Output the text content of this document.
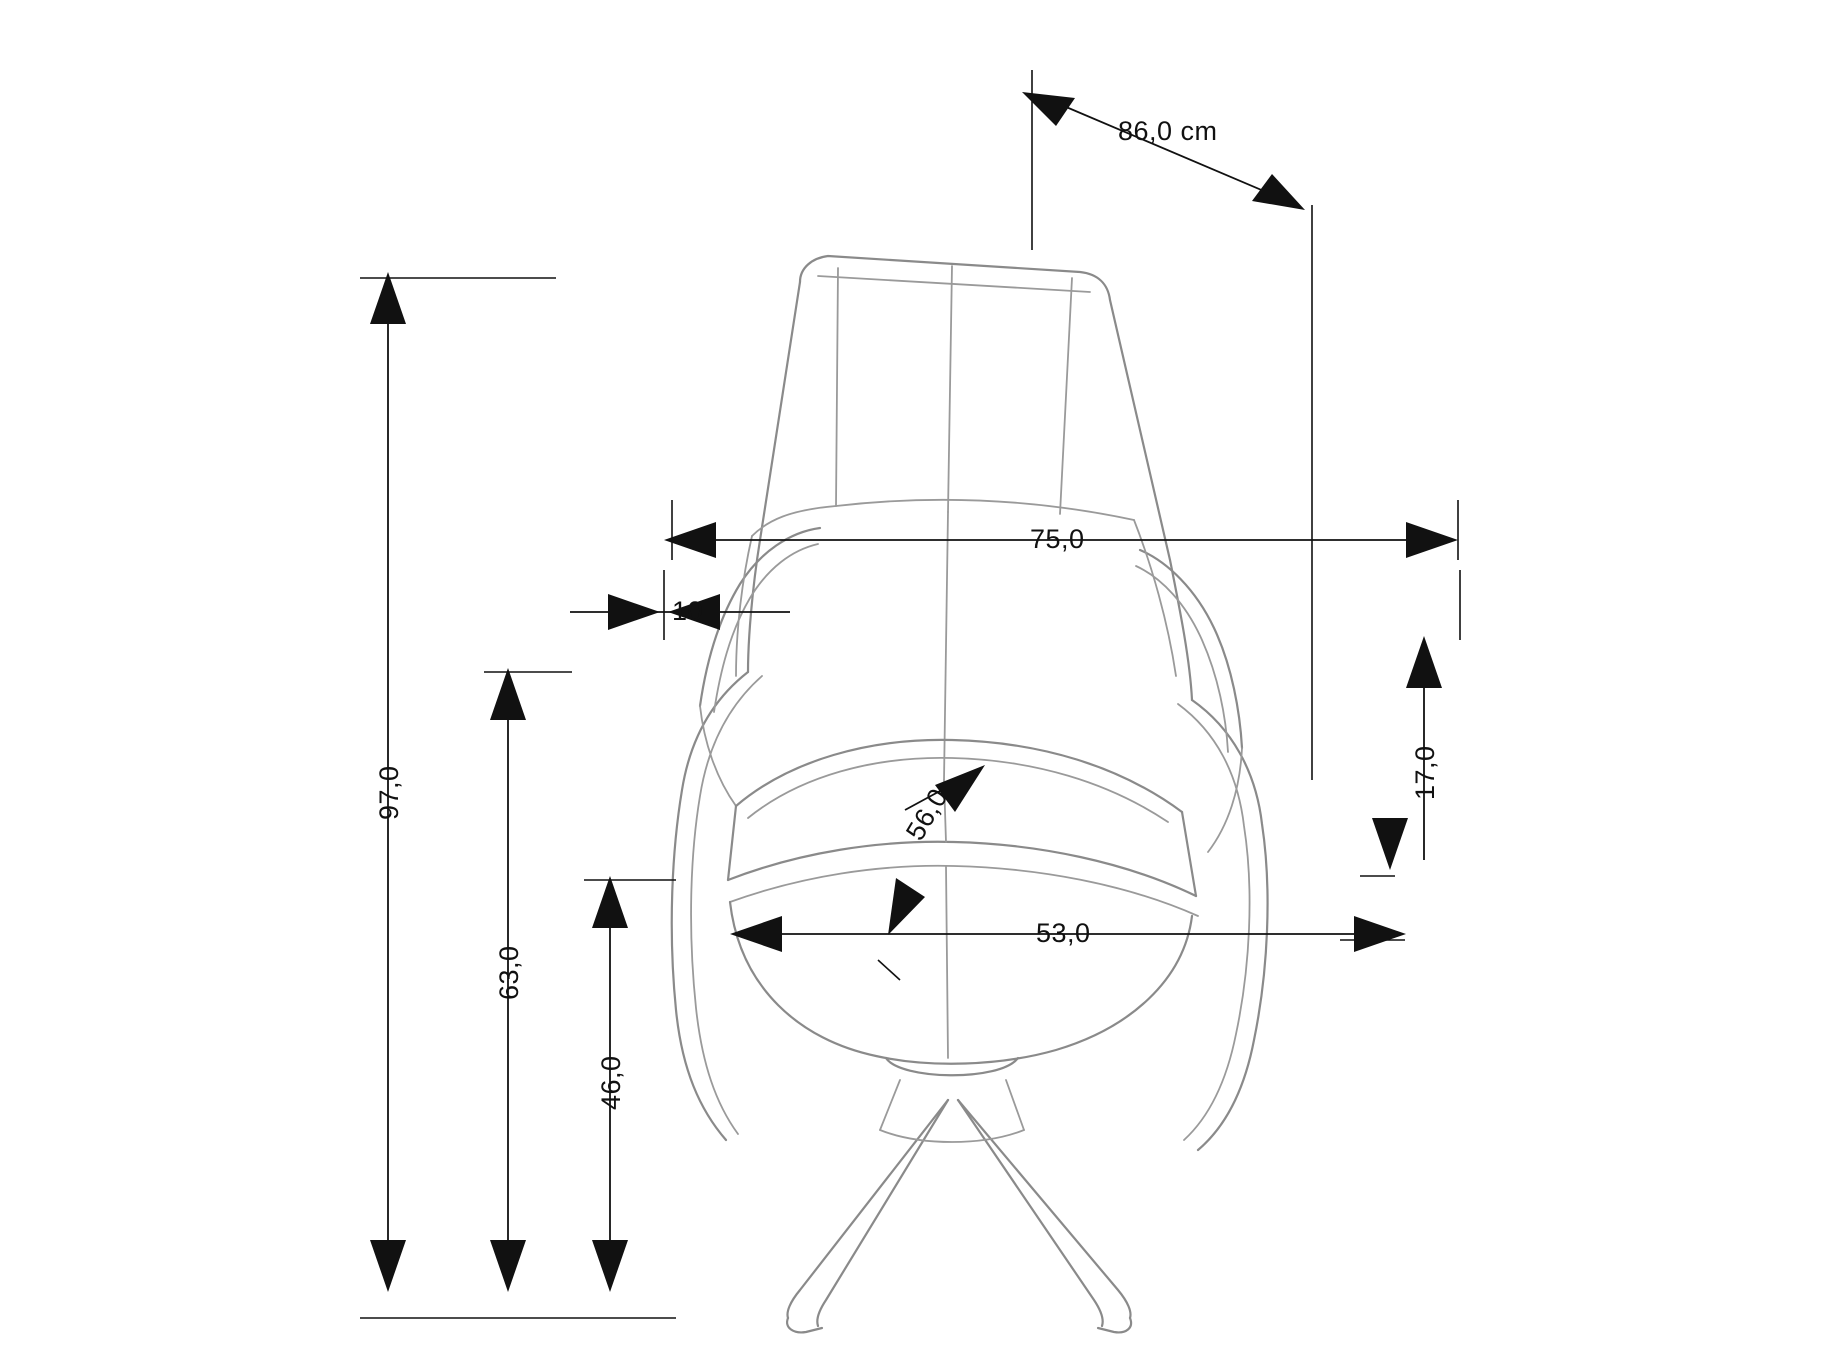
86,0 cm
75,0
10
17,0
56,0
53,0
97,0
63,0
46,0
